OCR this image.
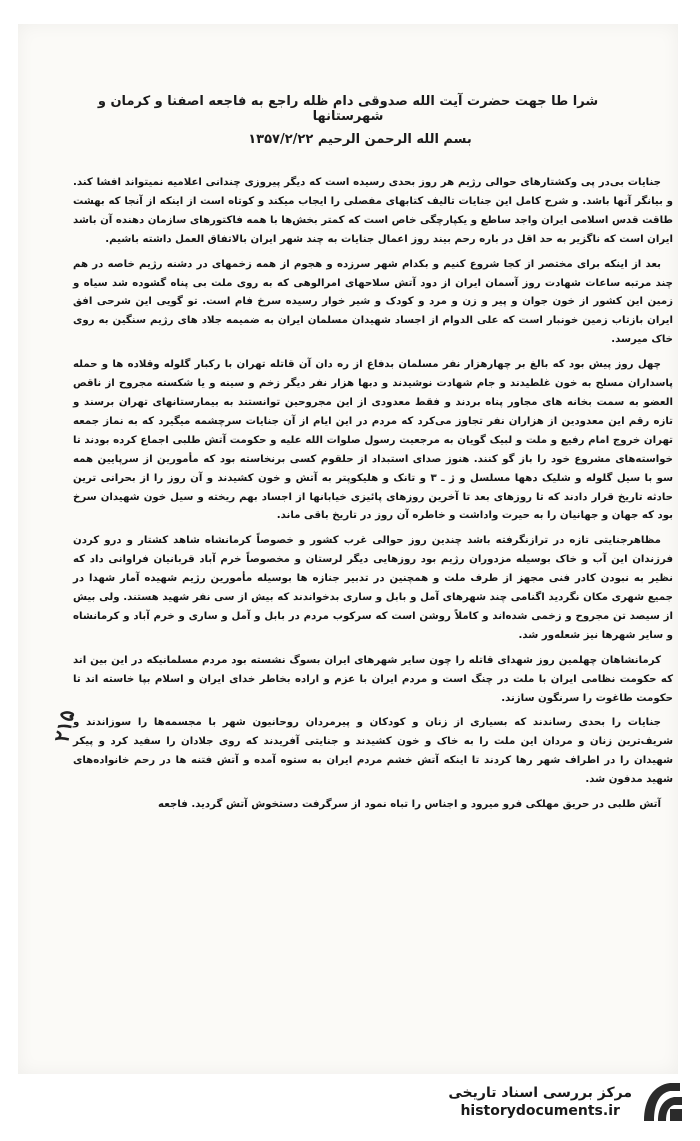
شرا طا جهت حضرت آیت الله صدوقی دام ظله راجع به فاجعه اصفنا و کرمان و شهرستانها
بسم الله الرحمن الرحیم ۱۳۵۷/۲/۲۲

جنایات بی‌در پی وکشتارهای حوالی رژیم هر روز بحدی رسیده است که دیگر پیروزی چندانی اعلامیه نمیتواند افشا کند. و بیانگر آنها باشد. و شرح کامل این جنایات تالیف کتابهای مفصلی را ایجاب میکند و کوتاه است از اینکه از آنجا که بهشت طاقت قدس اسلامی ایران واجد ساطع و یکپارچگی خاص است که کمتر بخش‌ها با همه فاکتورهای سازمان دهنده آن باشد ایران است که ناگزیر به حد اقل در باره رحم بیند روز اعمال جنایات به چند شهر ایران بالاتفاق العمل داشته باشیم.

بعد از اینکه برای مختصر از کجا شروع کنیم و بکدام شهر سرزده و هجوم از همه زخمهای در دشنه رژیم خاصه در هم چند مرتبه ساعات شهادت روز آسمان ایران از دود آتش سلاحهای امرالوهی که به روی ملت بی پناه گشوده شد سیاه و زمین این کشور از خون جوان و پیر و زن و مرد و کودک و شیر خوار رسیده سرخ فام است. تو گویی این شرحی افق ایران بازتاب زمین خونبار است که علی الدوام از اجساد شهیدان مسلمان ایران به ضمیمه جلاد های رژیم سنگین به روی خاک میرسد.

چهل روز پیش بود که بالغ بر چهارهزار نفر مسلمان بدفاع از ره دان آن قاتله تهران با رکبار گلوله وقلاده ها و حمله پاسداران مسلح به خون غلطیدند و جام شهادت نوشیدند و دبها هزار نفر دیگر زخم و سینه و یا شکسته مجروح از ناقص العضو به سمت بخانه های مجاور پناه بردند و فقط معدودی از این مجروحین توانستند به بیمارستانهای تهران برسند و تازه رقم این معدودین از هزاران نفر تجاوز می‌کرد که مردم در این ایام از آن جنایات سرچشمه میگیرد که به نماز جمعه تهران خروج امام رفیع و ملت و لبیک گویان به مرجعیت رسول صلوات الله علیه و حکومت آتش طلبی اجماع کرده بودند تا خواسته‌های مشروع خود را باز گو کنند. هنوز صدای استبداد از حلقوم کسی برنخاسته بود که مأمورین از سرپایین همه سو با سیل گلوله و شلیک دهها مسلسل و ژ ـ ۳ و تانک و هلیکوپتر به آتش و خون کشیدند و آن روز را از بحرانی ترین حادثه تاریخ قرار دادند که تا روزهای بعد تا آخرین روزهای پائیزی خیابانها از اجساد بهم ریخته و سیل خون شهیدان سرخ بود که جهان و جهانیان را به حیرت واداشت و خاطره آن روز در تاریخ باقی ماند.

مظاهرجنایتی تازه در ترازنگرفته باشد چندین روز حوالی غرب کشور و خصوصاً کرمانشاه شاهد کشتار و درو کردن فرزندان این آب و خاک بوسیله مزدوران رژیم بود روزهایی دیگر لرستان و مخصوصاً خرم آباد قربانیان فراوانی داد که نظیر به نبودن کادر فنی مجهز از طرف ملت و همچنین در تدبیر جنازه ها بوسیله مأمورین رژیم شهیده آمار شهدا در جمیع شهری مکان نگردید اگنامی چند شهرهای آمل و بابل و ساری بدخواندند که بیش از سی نفر شهید هستند. ولی بیش از سیصد تن مجروح و زخمی شده‌اند و کاملاً روشن است که سرکوب مردم در بابل و آمل و ساری و خرم آباد و کرمانشاه و سایر شهرها نیز شعله‌ور شد.

کرمانشاهان چهلمین روز شهدای قاتله را چون سایر شهرهای ایران بسوگ نشسته بود مردم مسلمانیکه در این بین اند که حکومت نظامی ایران با ملت در چنگ است و مردم ایران با عزم و اراده بخاطر خدای ایران و اسلام بپا خاسته اند تا حکومت طاغوت را سرنگون سازند.

جنایات را بحدی رساندند که بسیاری از زنان و کودکان و پیرمردان روحانیون شهر با مجسمه‌ها را سوزاندند و شریف‌ترین زنان و مردان این ملت را به خاک و خون کشیدند و جنایتی آفریدند که روی جلادان را سفید کرد و پیکر شهیدان را در اطراف شهر رها کردند تا اینکه آتش خشم مردم ایران به ستوه آمده و آتش فتنه ها در رحم خانواده‌های شهید مدفون شد.

آتش طلبی در حریق مهلکی فرو میرود و اجناس را تباه نمود از سرگرفت دستخوش آتش گردید. فاجعه

۲۱۵
مرکز بررسی اسناد تاریخی
historydocuments.ir
